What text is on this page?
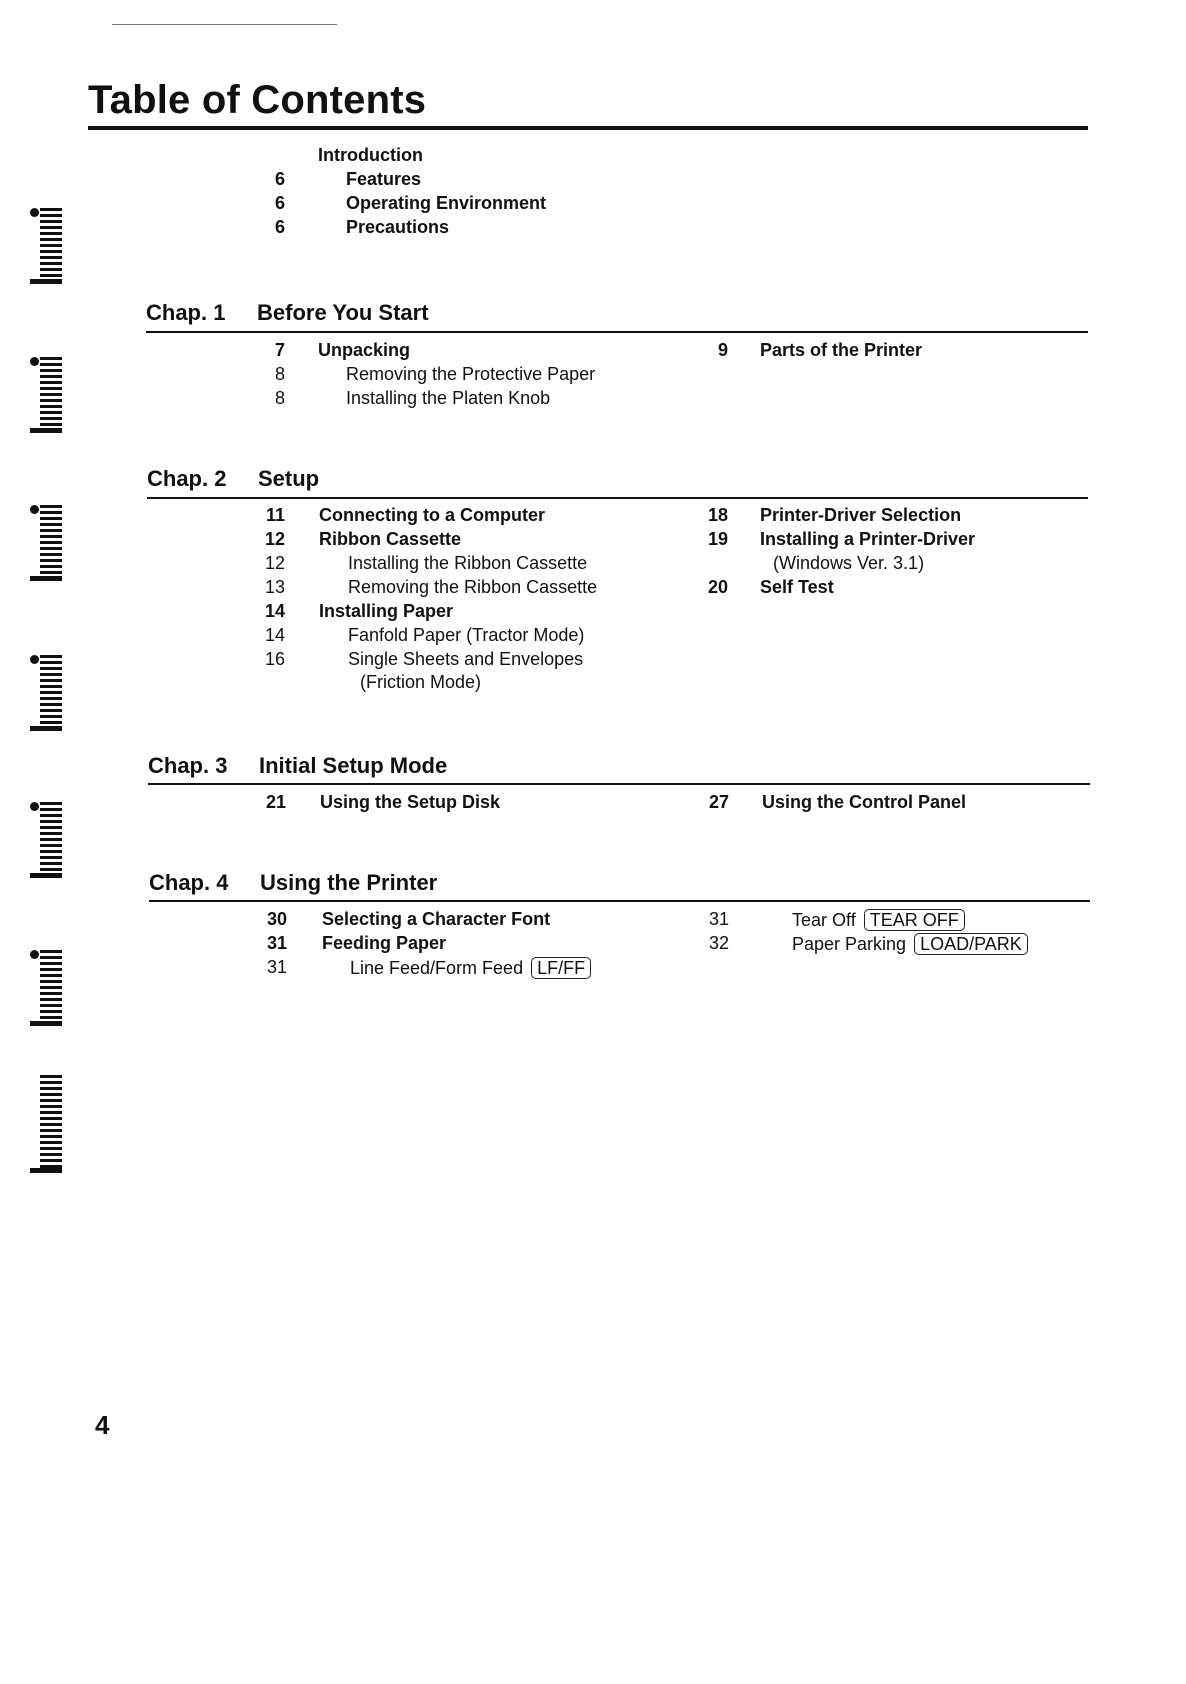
Table of Contents
Introduction
6	Features
6	Operating Environment
6	Precautions
Chap. 1 Before You Start
7 Unpacking
8	Removing the Protective Paper
8	Installing the Platen Knob
9 Parts of the Printer
Chap. 2 Setup
11 Connecting to a Computer
12 Ribbon Cassette
12	Installing the Ribbon Cassette
13	Removing the Ribbon Cassette
14 Installing Paper
14	Fanfold Paper (Tractor Mode)
16	Single Sheets and Envelopes
(Friction Mode)
18 Printer-Driver Selection
19 Installing a Printer-Driver
(Windows Ver. 3.1)
20 Self Test
Chap. 3 Initial Setup Mode
21 Using the Setup Disk	27 Using the Control Panel
Chap. 4 Using the Printer
30 Selecting a Character Font
31 Feeding Paper
31	Line Feed/Form Feed LF/FF
31	Tear Off TEAR OFF
32	Paper Parking LOAD/PARK
4
